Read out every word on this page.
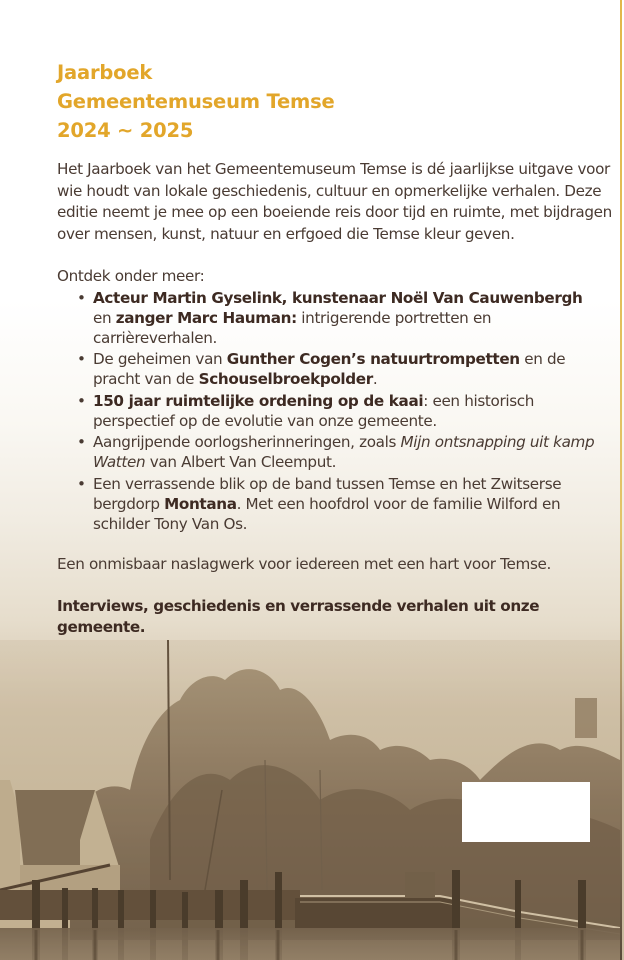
Jaarboek
Gemeentemuseum Temse
2024 ~ 2025

Het Jaarboek van het Gemeentemuseum Temse is dé jaarlijkse uitgave voor wie houdt van lokale geschiedenis, cultuur en opmerkelijke verhalen. Deze editie neemt je mee op een boeiende reis door tijd en ruimte, met bijdragen over mensen, kunst, natuur en erfgoed die Temse kleur geven.

Ontdek onder meer:

• Acteur Martin Gyselink, kunstenaar Noël Van Cauwenbergh en zanger Marc Hauman: intrigerende portretten en carrièreverhalen.
• De geheimen van Gunther Cogen’s natuurtrompetten en de pracht van de Schouselbroekpolder.
• 150 jaar ruimtelijke ordening op de kaai: een historisch perspectief op de evolutie van onze gemeente.
• Aangrijpende oorlogsherinneringen, zoals Mijn ontsnapping uit kamp Watten van Albert Van Cleemput.
• Een verrassende blik op de band tussen Temse en het Zwitserse bergdorp Montana. Met een hoofdrol voor de familie Wilford en schilder Tony Van Os.

Een onmisbaar naslagwerk voor iedereen met een hart voor Temse.

Interviews, geschiedenis en verrassende verhalen uit onze gemeente.
